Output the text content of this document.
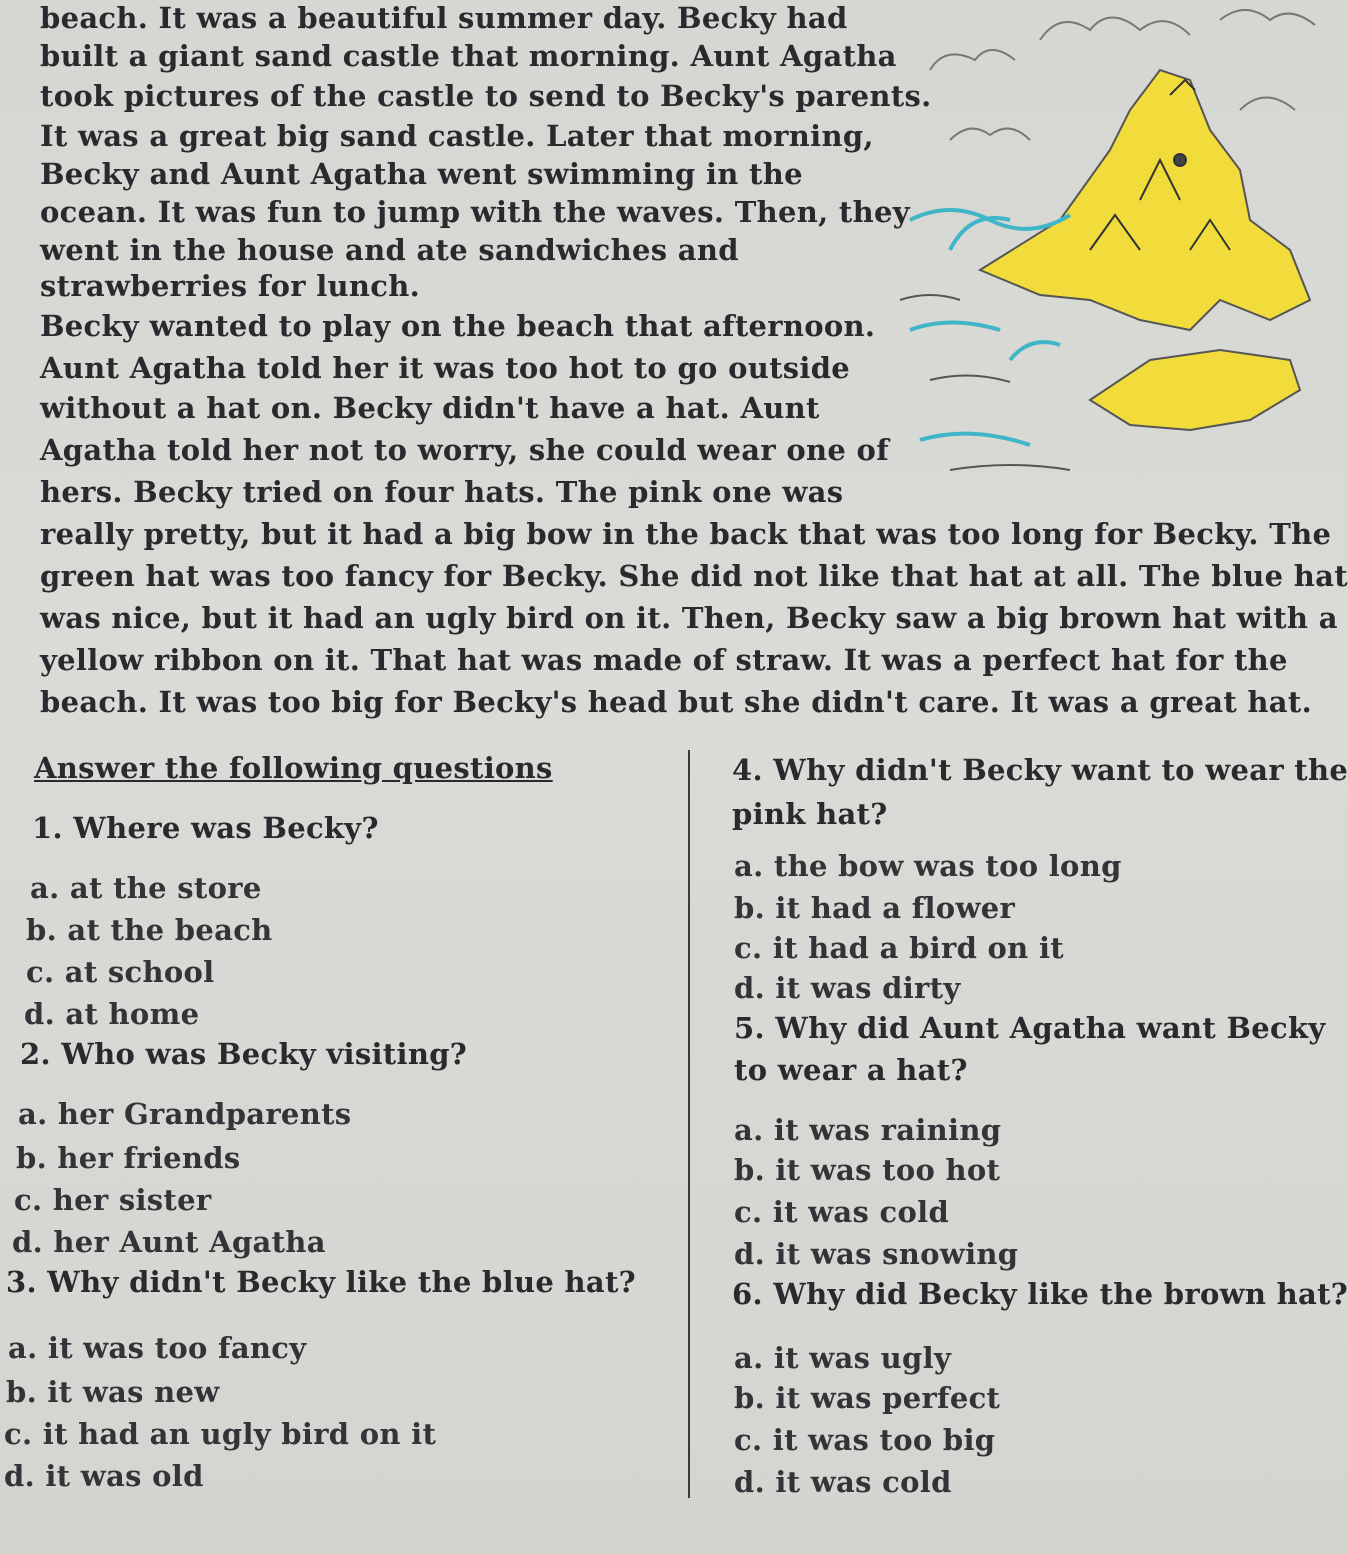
beach. It was a beautiful summer day. Becky had
built a giant sand castle that morning. Aunt Agatha
took pictures of the castle to send to Becky's parents.
It was a great big sand castle. Later that morning,
Becky and Aunt Agatha went swimming in the
ocean. It was fun to jump with the waves. Then, they
went in the house and ate sandwiches and
strawberries for lunch.
Becky wanted to play on the beach that afternoon.
Aunt Agatha told her it was too hot to go outside
without a hat on. Becky didn't have a hat. Aunt
Agatha told her not to worry, she could wear one of
hers. Becky tried on four hats. The pink one was
really pretty, but it had a big bow in the back that was too long for Becky. The
green hat was too fancy for Becky. She did not like that hat at all. The blue hat
was nice, but it had an ugly bird on it. Then, Becky saw a big brown hat with a
yellow ribbon on it. That hat was made of straw. It was a perfect hat for the
beach. It was too big for Becky's head but she didn't care. It was a great hat.
Answer the following questions
1. Where was Becky?
a. at the store
b. at the beach
c. at school
d. at home
2. Who was Becky visiting?
a. her Grandparents
b. her friends
c. her sister
d. her Aunt Agatha
3. Why didn't Becky like the blue hat?
a. it was too fancy
b. it was new
c. it had an ugly bird on it
d. it was old
4. Why didn't Becky want to wear the
pink hat?
a. the bow was too long
b. it had a flower
c. it had a bird on it
d. it was dirty
5. Why did Aunt Agatha want Becky
to wear a hat?
a. it was raining
b. it was too hot
c. it was cold
d. it was snowing
6. Why did Becky like the brown hat?
a. it was ugly
b. it was perfect
c. it was too big
d. it was cold
